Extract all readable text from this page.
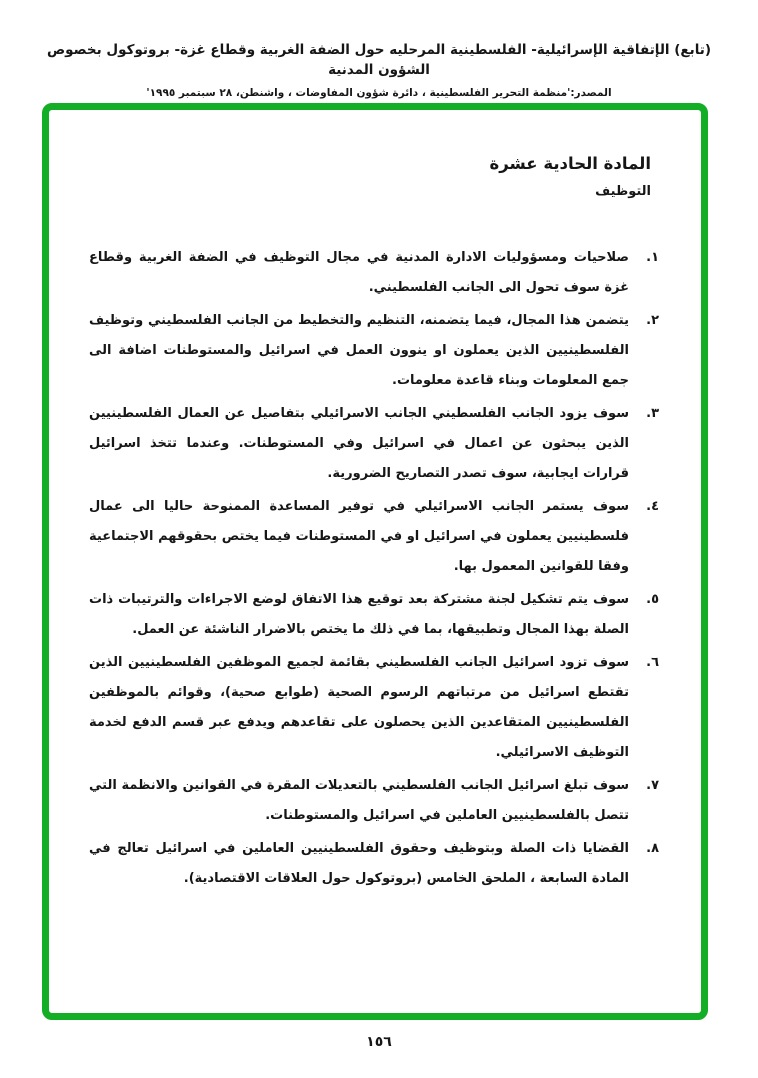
(تابع) الإتفاقية الإسرائيلية- الفلسطينية المرحليه حول الضفة الغربية وقطاع غزة- بروتوكول بخصوص الشؤون المدنية
المصدر:'منظمة التحرير الفلسطينية ، دائرة شؤون المفاوضات ، واشنطن، ٢٨ سبتمبر ١٩٩٥'
المادة الحادية عشرة
التوظيف
١.
صلاحيات ومسؤوليات الادارة المدنية في مجال التوظيف في الضفة الغربية وقطاع غزة سوف تحول الى الجانب الفلسطيني.
٢.
يتضمن هذا المجال، فيما يتضمنه، التنظيم والتخطيط من الجانب الفلسطيني وتوظيف الفلسطينيين الذين يعملون او ينوون العمل في اسرائيل والمستوطنات اضافة الى جمع المعلومات وبناء قاعدة معلومات.
٣.
سوف يزود الجانب الفلسطيني الجانب الاسرائيلي بتفاصيل عن العمال الفلسطينيين الذين يبحثون عن اعمال في اسرائيل وفي المستوطنات. وعندما تتخذ اسرائيل قرارات ايجابية، سوف تصدر التصاريح الضرورية.
٤.
سوف يستمر الجانب الاسرائيلي في توفير المساعدة الممنوحة حاليا الى عمال فلسطينيين يعملون في اسرائيل او في المستوطنات فيما يختص بحقوقهم الاجتماعية وفقا للقوانين المعمول بها.
٥.
سوف يتم تشكيل لجنة مشتركة بعد توقيع هذا الاتفاق لوضع الاجراءات والترتيبات ذات الصلة بهذا المجال وتطبيقها، بما في ذلك ما يختص بالاضرار الناشئة عن العمل.
٦.
سوف تزود اسرائيل الجانب الفلسطيني بقائمة لجميع الموظفين الفلسطينيين الذين تقتطع اسرائيل من مرتباتهم الرسوم الصحية (طوابع صحية)، وقوائم بالموظفين الفلسطينيين المتقاعدين الذين يحصلون على تقاعدهم ويدفع عبر قسم الدفع لخدمة التوظيف الاسرائيلي.
٧.
سوف تبلغ اسرائيل الجانب الفلسطيني بالتعديلات المقرة في القوانين والانظمة التي تتصل بالفلسطينيين العاملين في اسرائيل والمستوطنات.
٨.
القضايا ذات الصلة وبتوظيف وحقوق الفلسطينيين العاملين في اسرائيل تعالج في المادة السابعة ، الملحق الخامس (بروتوكول حول العلاقات الاقتصادية).
١٥٦
